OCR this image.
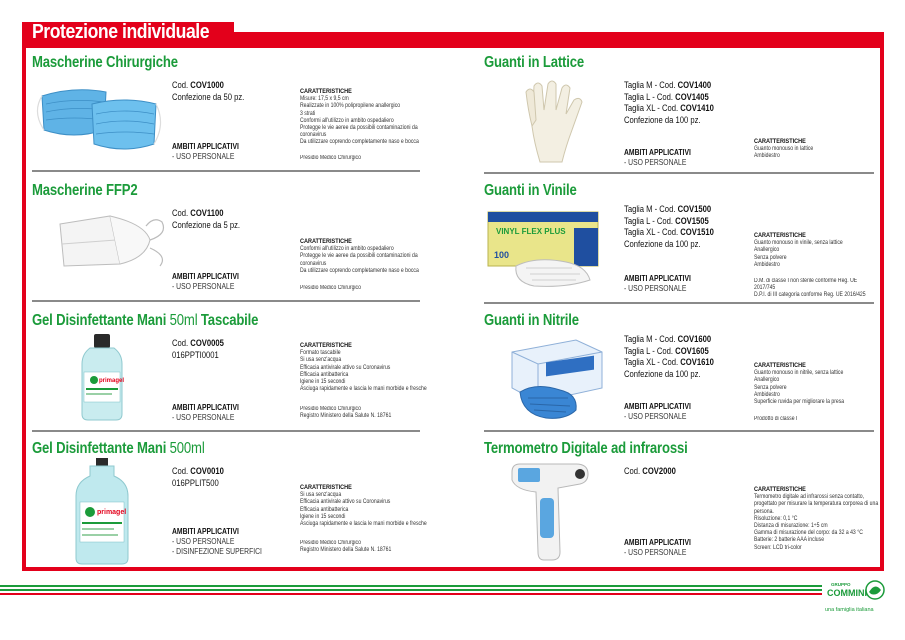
Protezione individuale
Mascherine Chirurgiche
Cod. COV1000
Confezione da 50 pz.	CARATTERISTICHE
Misure: 17,5 x 9,5 cm
Realizzate in 100% polipropilene anallergico
3 strati
Conformi all'utilizzo in ambito ospedaliero
Protegge le vie aeree da possibili contaminazioni da
coronavirus
Da utilizzare coprendo completamente naso e bocca
AMBITI APPLICATIVI
- USO PERSONALE	Presidio Medico Chirurgico
Mascherine FFP2
Cod. COV1100
Confezione da 5 pz.
CARATTERISTICHE
Conformi all'utilizzo in ambito ospedaliero
Protegge le vie aeree da possibili contaminazioni da
coronavirus
Da utilizzare coprendo completamente naso e bocca
AMBITI APPLICATIVI
- USO PERSONALE	Presidio Medico Chirurgico
Gel Disinfettante Mani 50ml Tascabile
primagel
Cod. COV0005
016PPTI0001
CARATTERISTICHE
Formato tascabile
Si usa senz'acqua
Efficacia antivirale attivo su Coronavirus
Efficacia antibatterica
Igiene in 15 secondi
Asciuga rapidamente e lascia le mani morbide e fresche
AMBITI APPLICATIVI
- USO PERSONALE
Presidio Medico Chirurgico
Registro Ministero della Salute N. 18761
Gel Disinfettante Mani 500ml
primagel
Cod. COV0010
016PPLIT500	CARATTERISTICHE
Si usa senz'acqua
Efficacia antivirale attivo su Coronavirus
Efficacia antibatterica
Igiene in 15 secondi
Asciuga rapidamente e lascia le mani morbide e fresche
AMBITI APPLICATIVI
- USO PERSONALE
- DISINFEZIONE SUPERFICI
Presidio Medico Chirurgico
Registro Ministero della Salute N. 18761
Guanti in Lattice
Taglia M - Cod. COV1400
Taglia L - Cod. COV1405
Taglia XL - Cod. COV1410
Confezione da 100 pz.
CARATTERISTICHE
Guanto monouso in lattice
Ambidestro
AMBITI APPLICATIVI
- USO PERSONALE
Guanti in Vinile
VINYL FLEX PLUS
100
Taglia M - Cod. COV1500
Taglia L - Cod. COV1505
Taglia XL - Cod. COV1510
Confezione da 100 pz.
CARATTERISTICHE
Guanto monouso in vinile, senza lattice
Anallergico
Senza polvere
Ambidestro
D.M. di classe I non sterile conforme Reg. UE
2017/745
D.P.I. di III categoria conforme Reg. UE 2016/425
AMBITI APPLICATIVI
- USO PERSONALE
Guanti in Nitrile
Taglia M - Cod. COV1600
Taglia L - Cod. COV1605
Taglia XL - Cod. COV1610
Confezione da 100 pz.
CARATTERISTICHE
Guanto monouso in nitrile, senza lattice
Anallergico
Senza polvere
Ambidestro
Superficie ruvida per migliorare la presa
Prodotto di classe I
AMBITI APPLICATIVI
- USO PERSONALE
Termometro Digitale ad infrarossi
Cod. COV2000
CARATTERISTICHE
Termometro digitale ad infrarossi senza contatto,
progettato per misurare la temperatura corporea di una
persona.
Risoluzione: 0,1 °C
Distanza di misurazione: 1÷5 cm
Gamma di misurazione del corpo: da 32 a 43 °C
Batterie: 2 batterie AAA incluse
Screen: LCD tri-color
AMBITI APPLICATIVI
- USO PERSONALE
GRUPPO
COMMINI
una famiglia italiana
